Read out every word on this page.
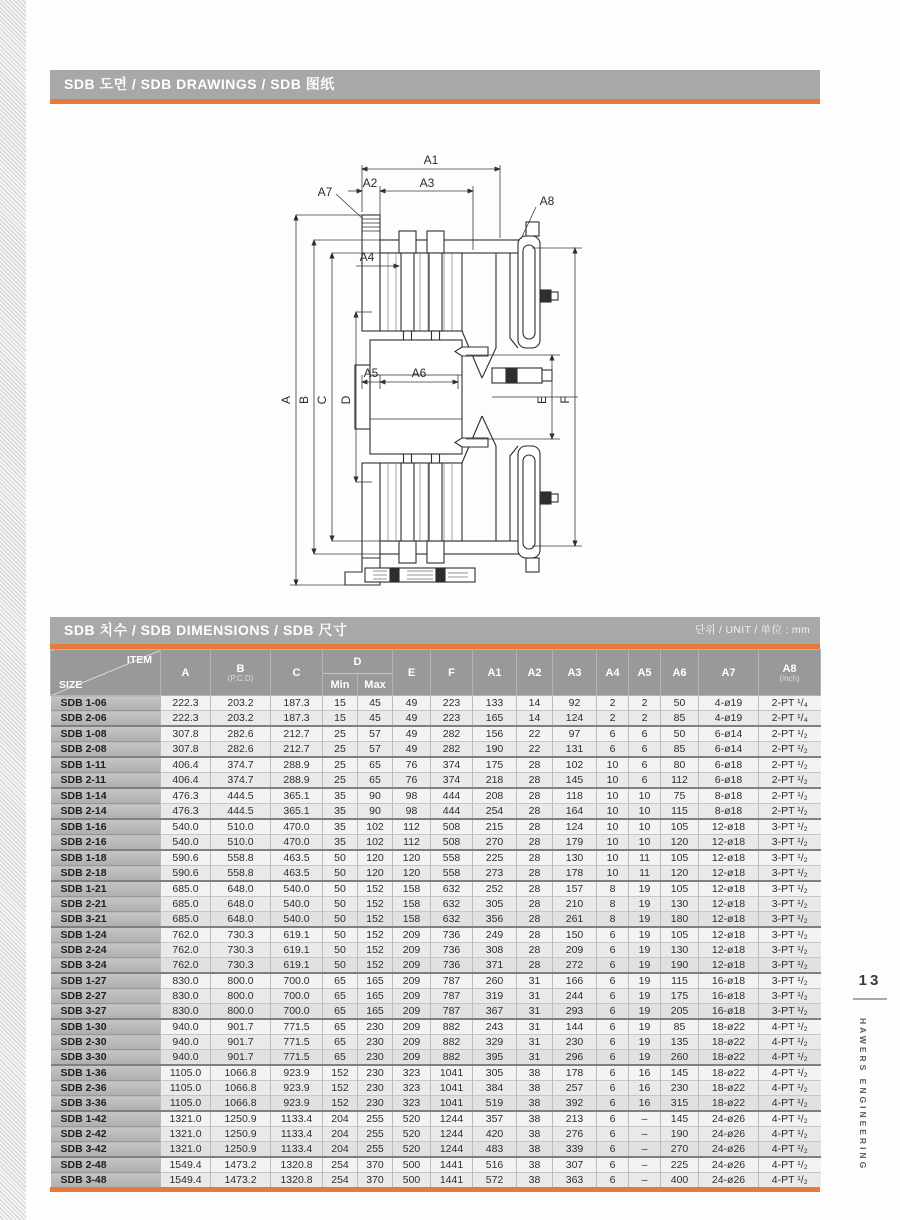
SDB 도면 / SDB DRAWINGS / SDB 图纸
A1
A2	A3
A7
A8
A4
A5	A6
A B C D	E F
단위 / UNIT / 单位 : mm
SDB 치수 / SDB DIMENSIONS / SDB 尺寸
ITEM
SIZE
	A	B
(P.C.D)	C	D	E	F	A1	A2	A3	A4	A5	A6	A7	A8
(inch)

				Min	Max										
SDB 1-06	222.3	203.2	187.3	15	45	49	223	133	14	92	2	2	50	4-ø19	2-PT ¹/₄
SDB 2-06	222.3	203.2	187.3	15	45	49	223	165	14	124	2	2	85	4-ø19	2-PT ¹/₄
SDB 1-08	307.8	282.6	212.7	25	57	49	282	156	22	97	6	6	50	6-ø14	2-PT ¹/₂
SDB 2-08	307.8	282.6	212.7	25	57	49	282	190	22	131	6	6	85	6-ø14	2-PT ¹/₂
SDB 1-11	406.4	374.7	288.9	25	65	76	374	175	28	102	10	6	80	6-ø18	2-PT ¹/₂
SDB 2-11	406.4	374.7	288.9	25	65	76	374	218	28	145	10	6	112	6-ø18	2-PT ¹/₂
SDB 1-14	476.3	444.5	365.1	35	90	98	444	208	28	118	10	10	75	8-ø18	2-PT ¹/₂
SDB 2-14	476.3	444.5	365.1	35	90	98	444	254	28	164	10	10	115	8-ø18	2-PT ¹/₂
SDB 1-16	540.0	510.0	470.0	35	102	112	508	215	28	124	10	10	105	12-ø18	3-PT ¹/₂
SDB 2-16	540.0	510.0	470.0	35	102	112	508	270	28	179	10	10	120	12-ø18	3-PT ¹/₂
SDB 1-18	590.6	558.8	463.5	50	120	120	558	225	28	130	10	11	105	12-ø18	3-PT ¹/₂
SDB 2-18	590.6	558.8	463.5	50	120	120	558	273	28	178	10	11	120	12-ø18	3-PT ¹/₂
SDB 1-21	685.0	648.0	540.0	50	152	158	632	252	28	157	8	19	105	12-ø18	3-PT ¹/₂
SDB 2-21	685.0	648.0	540.0	50	152	158	632	305	28	210	8	19	130	12-ø18	3-PT ¹/₂
SDB 3-21	685.0	648.0	540.0	50	152	158	632	356	28	261	8	19	180	12-ø18	3-PT ¹/₂
SDB 1-24	762.0	730.3	619.1	50	152	209	736	249	28	150	6	19	105	12-ø18	3-PT ¹/₂
SDB 2-24	762.0	730.3	619.1	50	152	209	736	308	28	209	6	19	130	12-ø18	3-PT ¹/₂
SDB 3-24	762.0	730.3	619.1	50	152	209	736	371	28	272	6	19	190	12-ø18	3-PT ¹/₂
SDB 1-27	830.0	800.0	700.0	65	165	209	787	260	31	166	6	19	115	16-ø18	3-PT ¹/₂
SDB 2-27	830.0	800.0	700.0	65	165	209	787	319	31	244	6	19	175	16-ø18	3-PT ¹/₂
SDB 3-27	830.0	800.0	700.0	65	165	209	787	367	31	293	6	19	205	16-ø18	3-PT ¹/₂
SDB 1-30	940.0	901.7	771.5	65	230	209	882	243	31	144	6	19	85	18-ø22	4-PT ¹/₂
SDB 2-30	940.0	901.7	771.5	65	230	209	882	329	31	230	6	19	135	18-ø22	4-PT ¹/₂
SDB 3-30	940.0	901.7	771.5	65	230	209	882	395	31	296	6	19	260	18-ø22	4-PT ¹/₂
SDB 1-36	1105.0	1066.8	923.9	152	230	323	1041	305	38	178	6	16	145	18-ø22	4-PT ¹/₂
SDB 2-36	1105.0	1066.8	923.9	152	230	323	1041	384	38	257	6	16	230	18-ø22	4-PT ¹/₂
SDB 3-36	1105.0	1066.8	923.9	152	230	323	1041	519	38	392	6	16	315	18-ø22	4-PT ¹/₂
SDB 1-42	1321.0	1250.9	1133.4	204	255	520	1244	357	38	213	6	–	145	24-ø26	4-PT ¹/₂
SDB 2-42	1321.0	1250.9	1133.4	204	255	520	1244	420	38	276	6	–	190	24-ø26	4-PT ¹/₂
SDB 3-42	1321.0	1250.9	1133.4	204	255	520	1244	483	38	339	6	–	270	24-ø26	4-PT ¹/₂
SDB 2-48	1549.4	1473.2	1320.8	254	370	500	1441	516	38	307	6	–	225	24-ø26	4-PT ¹/₂
SDB 3-48	1549.4	1473.2	1320.8	254	370	500	1441	572	38	363	6	–	400	24-ø26	4-PT ¹/₂
13
HAWERS ENGINEERING
